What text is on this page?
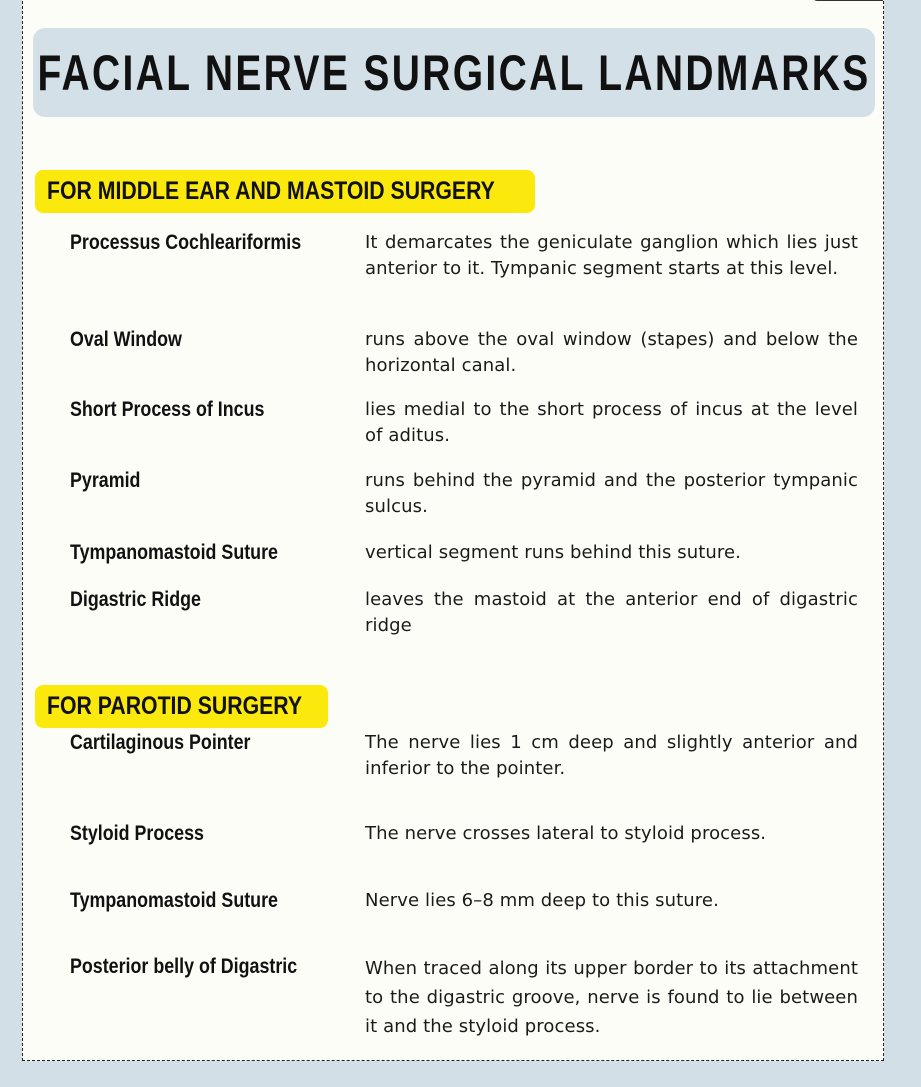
FACIAL NERVE SURGICAL LANDMARKS
FOR MIDDLE EAR AND MASTOID SURGERY
Processus Cochleariformis	It demarcates the geniculate ganglion which lies just anterior to it. Tympanic segment starts at this level.
Oval Window	runs above the oval window (stapes) and below the horizontal canal.
Short Process of Incus	lies medial to the short process of incus at the level of aditus.
Pyramid	runs behind the pyramid and the posterior tympanic sulcus.
Tympanomastoid Suture	vertical segment runs behind this suture.
Digastric Ridge	leaves the mastoid at the anterior end of digastric ridge
FOR PAROTID SURGERY
Cartilaginous Pointer	The nerve lies 1 cm deep and slightly anterior and inferior to the pointer.
Styloid Process	The nerve crosses lateral to styloid process.
Tympanomastoid Suture	Nerve lies 6–8 mm deep to this suture.
Posterior belly of Digastric	When traced along its upper border to its attachment to the digastric groove, nerve is found to lie between it and the styloid process.
